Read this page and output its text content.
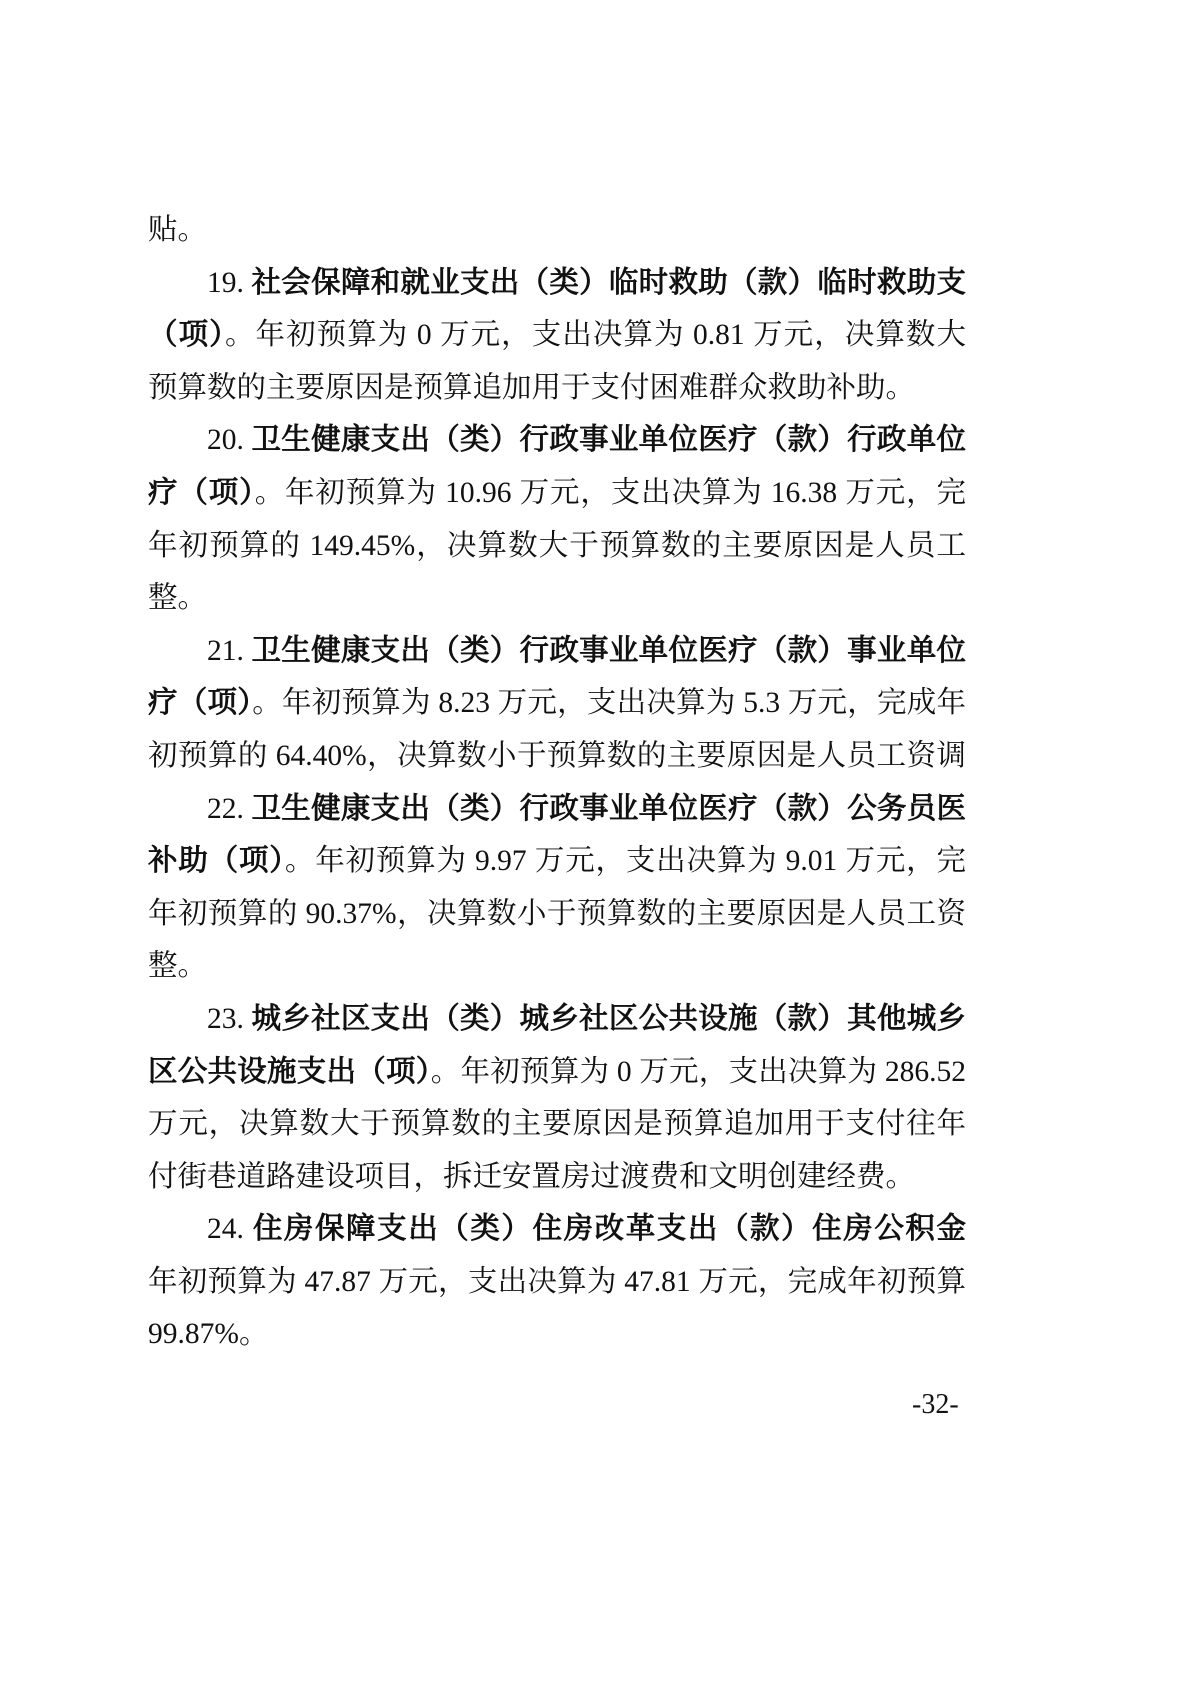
贴。
19. 社会保障和就业支出（类）临时救助（款）临时救助支
（项）。年初预算为 0 万元，支出决算为 0.81 万元，决算数大
预算数的主要原因是预算追加用于支付困难群众救助补助。
20. 卫生健康支出（类）行政事业单位医疗（款）行政单位
疗（项）。年初预算为 10.96 万元，支出决算为 16.38 万元，完
年初预算的 149.45%，决算数大于预算数的主要原因是人员工
整。
21. 卫生健康支出（类）行政事业单位医疗（款）事业单位
疗（项）。年初预算为 8.23 万元，支出决算为 5.3 万元，完成年
初预算的 64.40%，决算数小于预算数的主要原因是人员工资调
22. 卫生健康支出（类）行政事业单位医疗（款）公务员医
补助（项）。年初预算为 9.97 万元，支出决算为 9.01 万元，完
年初预算的 90.37%，决算数小于预算数的主要原因是人员工资
整。
23. 城乡社区支出（类）城乡社区公共设施（款）其他城乡
区公共设施支出（项）。年初预算为 0 万元，支出决算为 286.52
万元，决算数大于预算数的主要原因是预算追加用于支付往年
付街巷道路建设项目，拆迁安置房过渡费和文明创建经费。
24. 住房保障支出（类）住房改革支出（款）住房公积金
年初预算为 47.87 万元，支出决算为 47.81 万元，完成年初预算
99.87%。
-32-
